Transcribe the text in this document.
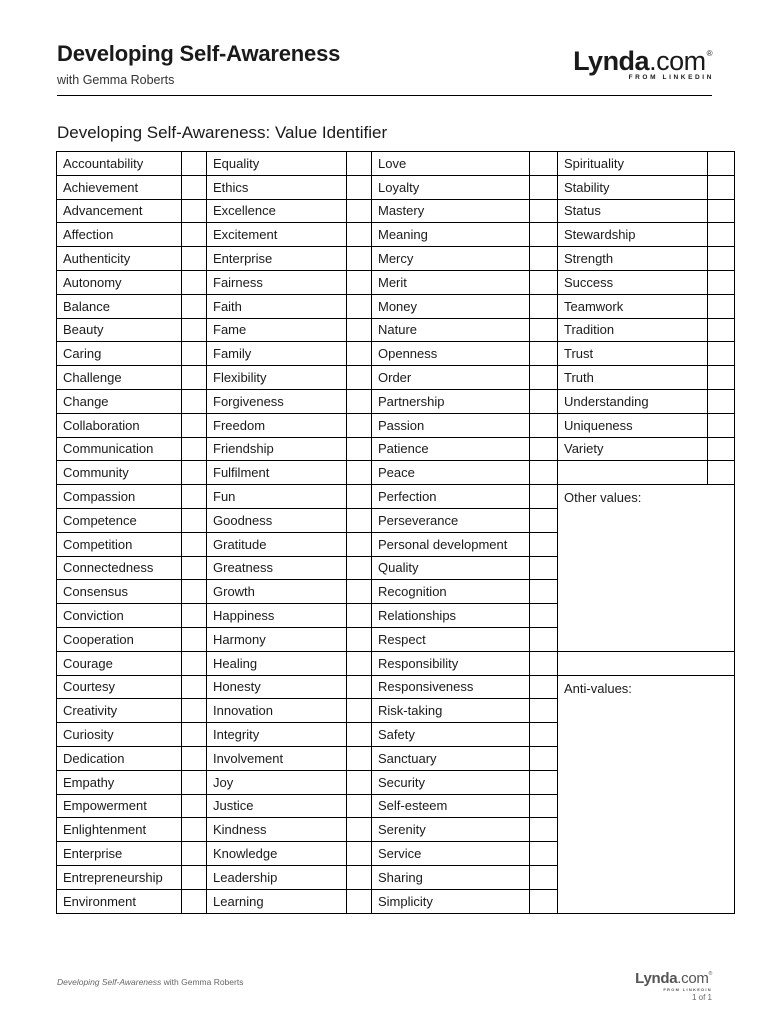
Developing Self-Awareness
with Gemma Roberts
Lynda.com®
FROM LINKEDIN
Developing Self-Awareness: Value Identifier
Accountability		Equality		Love		Spirituality	
Achievement		Ethics		Loyalty		Stability	
Advancement		Excellence		Mastery		Status	
Affection		Excitement		Meaning		Stewardship	
Authenticity		Enterprise		Mercy		Strength	
Autonomy		Fairness		Merit		Success	
Balance		Faith		Money		Teamwork	
Beauty		Fame		Nature		Tradition	
Caring		Family		Openness		Trust	
Challenge		Flexibility		Order		Truth	
Change		Forgiveness		Partnership		Understanding	
Collaboration		Freedom		Passion		Uniqueness	
Communication		Friendship		Patience		Variety	
Community		Fulfilment		Peace			
Compassion		Fun		Perfection		Other values:	
Competence		Goodness		Perseverance			
Competition		Gratitude		Personal development			
Connectedness		Greatness		Quality			
Consensus		Growth		Recognition			
Conviction		Happiness		Relationships			
Cooperation		Harmony		Respect			
Courage		Healing		Responsibility			
Courtesy		Honesty		Responsiveness		Anti-values:	
Creativity		Innovation		Risk-taking			
Curiosity		Integrity		Safety			
Dedication		Involvement		Sanctuary			
Empathy		Joy		Security			
Empowerment		Justice		Self-esteem			
Enlightenment		Kindness		Serenity			
Enterprise		Knowledge		Service			
Entrepreneurship		Leadership		Sharing			
Environment		Learning		Simplicity			
Developing Self-Awareness with Gemma Roberts	Lynda.com®
FROM LINKEDIN
1 of 1
